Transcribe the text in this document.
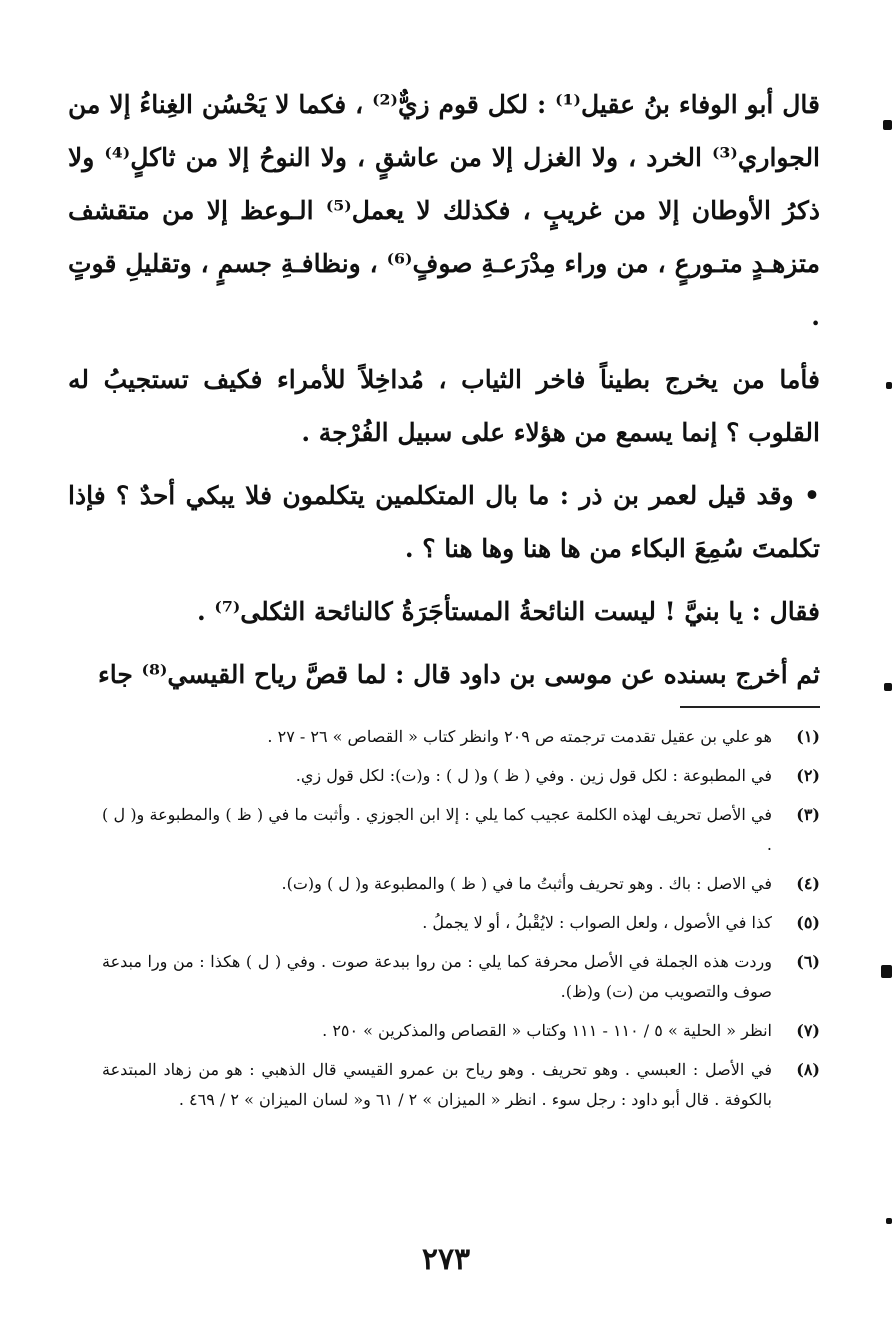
قال أبو الوفاء بنُ عقيل⁽¹⁾ : لكل قوم زيٌّ⁽²⁾ ، فكما لا يَحْسُن الغِناءُ إلا من الجواري⁽³⁾ الخرد ، ولا الغزل إلا من عاشقٍ ، ولا النوحُ إلا من ثاكلٍ⁽⁴⁾ ولا ذكرُ الأوطان إلا من غريبٍ ، فكذلك لا يعمل⁽⁵⁾ الـوعظ إلا من متقشف متزهـدٍ متـورعٍ ، من وراء مِدْرَعـةِ صوفٍ⁽⁶⁾ ، ونظافـةِ جسمٍ ، وتقليلِ قوتٍ .

فأما من يخرج بطيناً فاخر الثياب ، مُداخِلاً للأمراء فكيف تستجيبُ له القلوب ؟ إنما يسمع من هؤلاء على سبيل الفُرْجة .

• وقد قيل لعمر بن ذر : ما بال المتكلمين يتكلمون فلا يبكي أحدٌ ؟ فإذا تكلمتَ سُمِعَ البكاء من ها هنا وها هنا ؟ .

فقال : يا بنيَّ ! ليست النائحةُ المستأجَرَةُ كالنائحة الثكلى⁽⁷⁾ .

ثم أخرج بسنده عن موسى بن داود قال : لما قصَّ رياح القيسي⁽⁸⁾ جاء

(١)
هو علي بن عقيل تقدمت ترجمته ص ٢٠٩ وانظر كتاب « القصاص » ٢٦ - ٢٧ .
(٢)
في المطبوعة : لكل قول زين . وفي ( ظ ) و( ل ) : و(ت): لكل قول زي.
(٣)
في الأصل تحريف لهذه الكلمة عجيب كما يلي : إلا ابن الجوزي . وأثبت ما في ( ظ ) والمطبوعة و( ل ) .
(٤)
في الاصل : باك . وهو تحريف وأثبتُ ما في ( ظ ) والمطبوعة و( ل ) و(ت).
(٥)
كذا في الأصول ، ولعل الصواب : لايُقْبلُ ، أو لا يجملُ .
(٦)
وردت هذه الجملة في الأصل محرفة كما يلي : من روا ببدعة صوت . وفي ( ل ) هكذا : من ورا مبدعة صوف والتصويب من (ت) و(ظ).
(٧)
انظر « الحلية » ٥ / ١١٠ - ١١١ وكتاب « القصاص والمذكرين » ٢٥٠ .
(٨)
في الأصل : العبسي . وهو تحريف . وهو رياح بن عمرو القيسي قال الذهبي : هو من زهاد المبتدعة بالكوفة . قال أبو داود : رجل سوء . انظر « الميزان » ٢ / ٦١ و« لسان الميزان » ٢ / ٤٦٩ .
٢٧٣
